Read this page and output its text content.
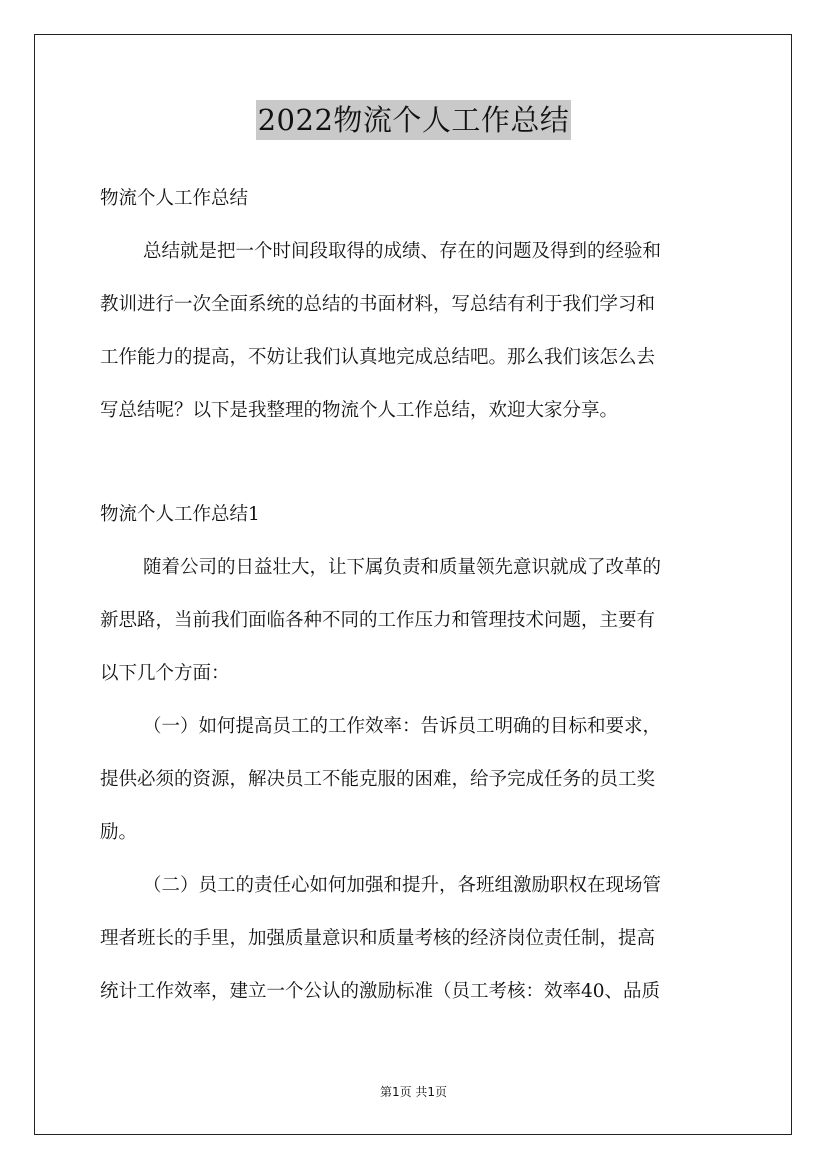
2022物流个人工作总结
物流个人工作总结
总结就是把一个时间段取得的成绩、存在的问题及得到的经验和
教训进行一次全面系统的总结的书面材料，写总结有利于我们学习和
工作能力的提高，不妨让我们认真地完成总结吧。那么我们该怎么去
写总结呢？以下是我整理的物流个人工作总结，欢迎大家分享。
物流个人工作总结1
随着公司的日益壮大，让下属负责和质量领先意识就成了改革的
新思路，当前我们面临各种不同的工作压力和管理技术问题，主要有
以下几个方面：
（一）如何提高员工的工作效率：告诉员工明确的目标和要求，
提供必须的资源，解决员工不能克服的困难，给予完成任务的员工奖
励。
（二）员工的责任心如何加强和提升，各班组激励职权在现场管
理者班长的手里，加强质量意识和质量考核的经济岗位责任制，提高
统计工作效率，建立一个公认的激励标准（员工考核：效率40、品质
第1页 共1页
